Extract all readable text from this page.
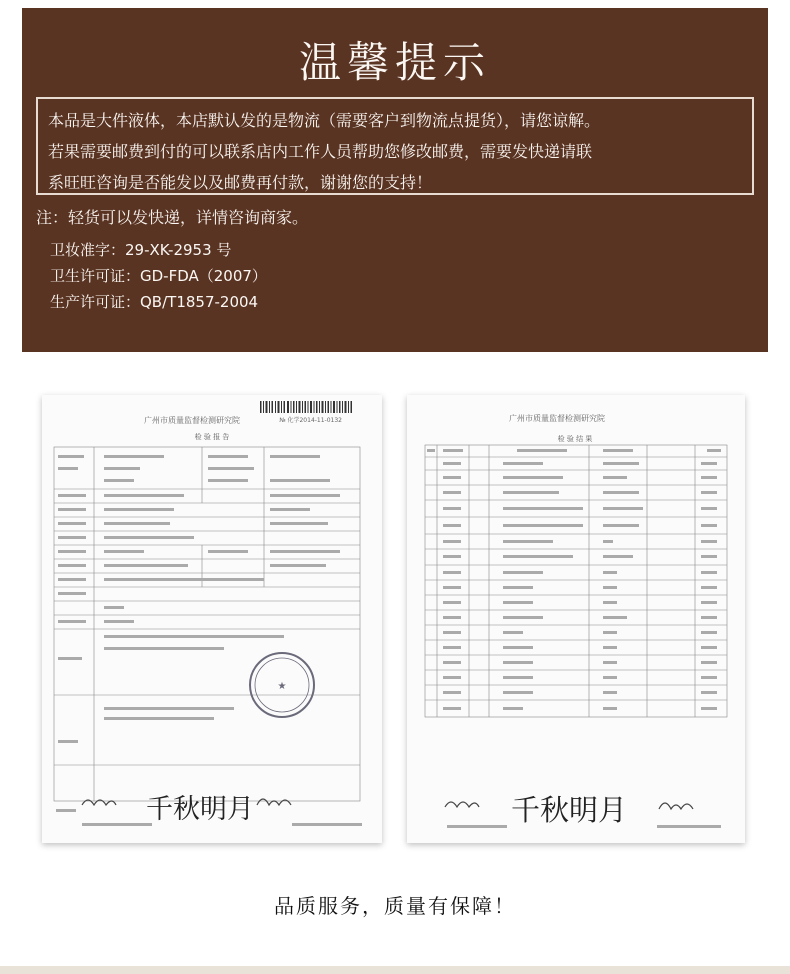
温馨提示
本品是大件液体，本店默认发的是物流（需要客户到物流点提货），请您谅解。
若果需要邮费到付的可以联系店内工作人员帮助您修改邮费，需要发快递请联
系旺旺咨询是否能发以及邮费再付款，谢谢您的支持！
注：轻货可以发快递，详情咨询商家。
卫妆准字：29-XK-2953 号
卫生许可证：GD-FDA（2007）
生产许可证：QB/T1857-2004
广州市质量监督检测研究院	№ 化学2014-11-0132
检 验 报 告
★
千秋明月
广州市质量监督检测研究院
检 验 结 果
千秋明月
品质服务，质量有保障！
